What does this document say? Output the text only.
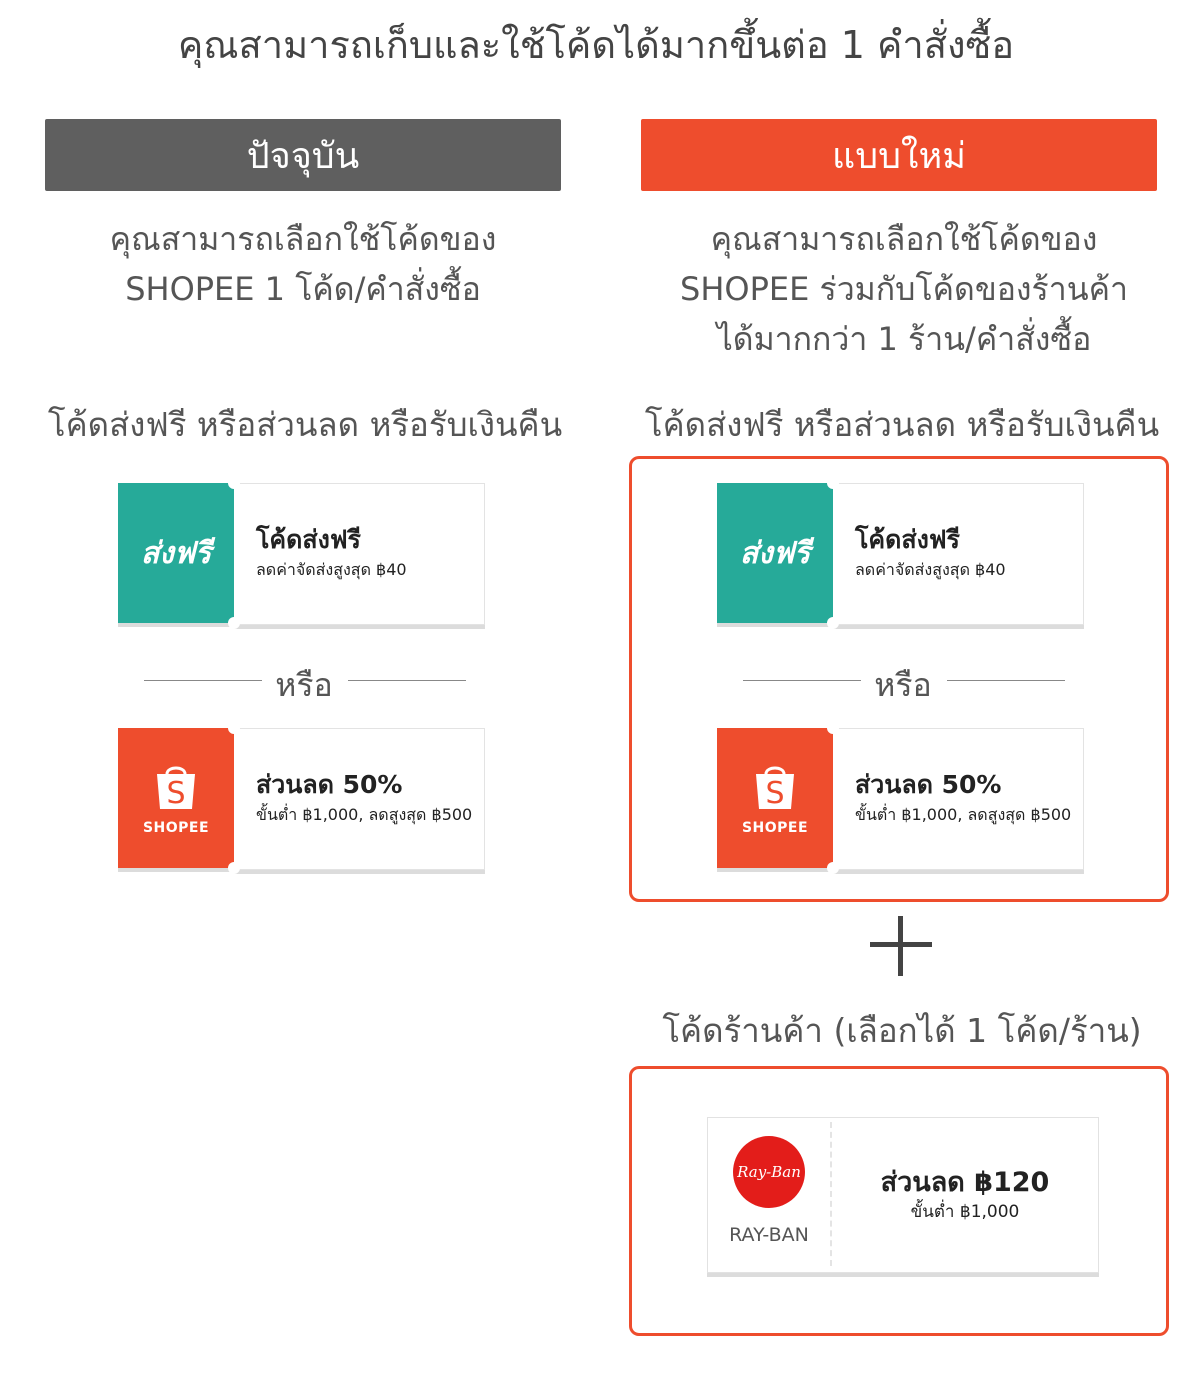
คุณสามารถเก็บและใช้โค้ดได้มากขึ้นต่อ 1 คำสั่งซื้อ
ปัจจุบัน	แบบใหม่
คุณสามารถเลือกใช้โค้ดของ
SHOPEE 1 โค้ด/คำสั่งซื้อ
คุณสามารถเลือกใช้โค้ดของ
SHOPEE ร่วมกับโค้ดของร้านค้า
ได้มากกว่า 1 ร้าน/คำสั่งซื้อ
โค้ดส่งฟรี หรือส่วนลด หรือรับเงินคืน	โค้ดส่งฟรี หรือส่วนลด หรือรับเงินคืน
ส่งฟรี โค้ดส่งฟรี
ลดค่าจัดส่งสูงสุด ฿40
หรือ
S
SHOPEE
ส่วนลด 50%
ขั้นต่ำ ฿1,000, ลดสูงสุด ฿500
ส่งฟรี โค้ดส่งฟรี
ลดค่าจัดส่งสูงสุด ฿40
หรือ
S
SHOPEE
ส่วนลด 50%
ขั้นต่ำ ฿1,000, ลดสูงสุด ฿500
โค้ดร้านค้า (เลือกได้ 1 โค้ด/ร้าน)
Ray-Ban
RAY-BAN
ส่วนลด ฿120
ขั้นต่ำ ฿1,000
